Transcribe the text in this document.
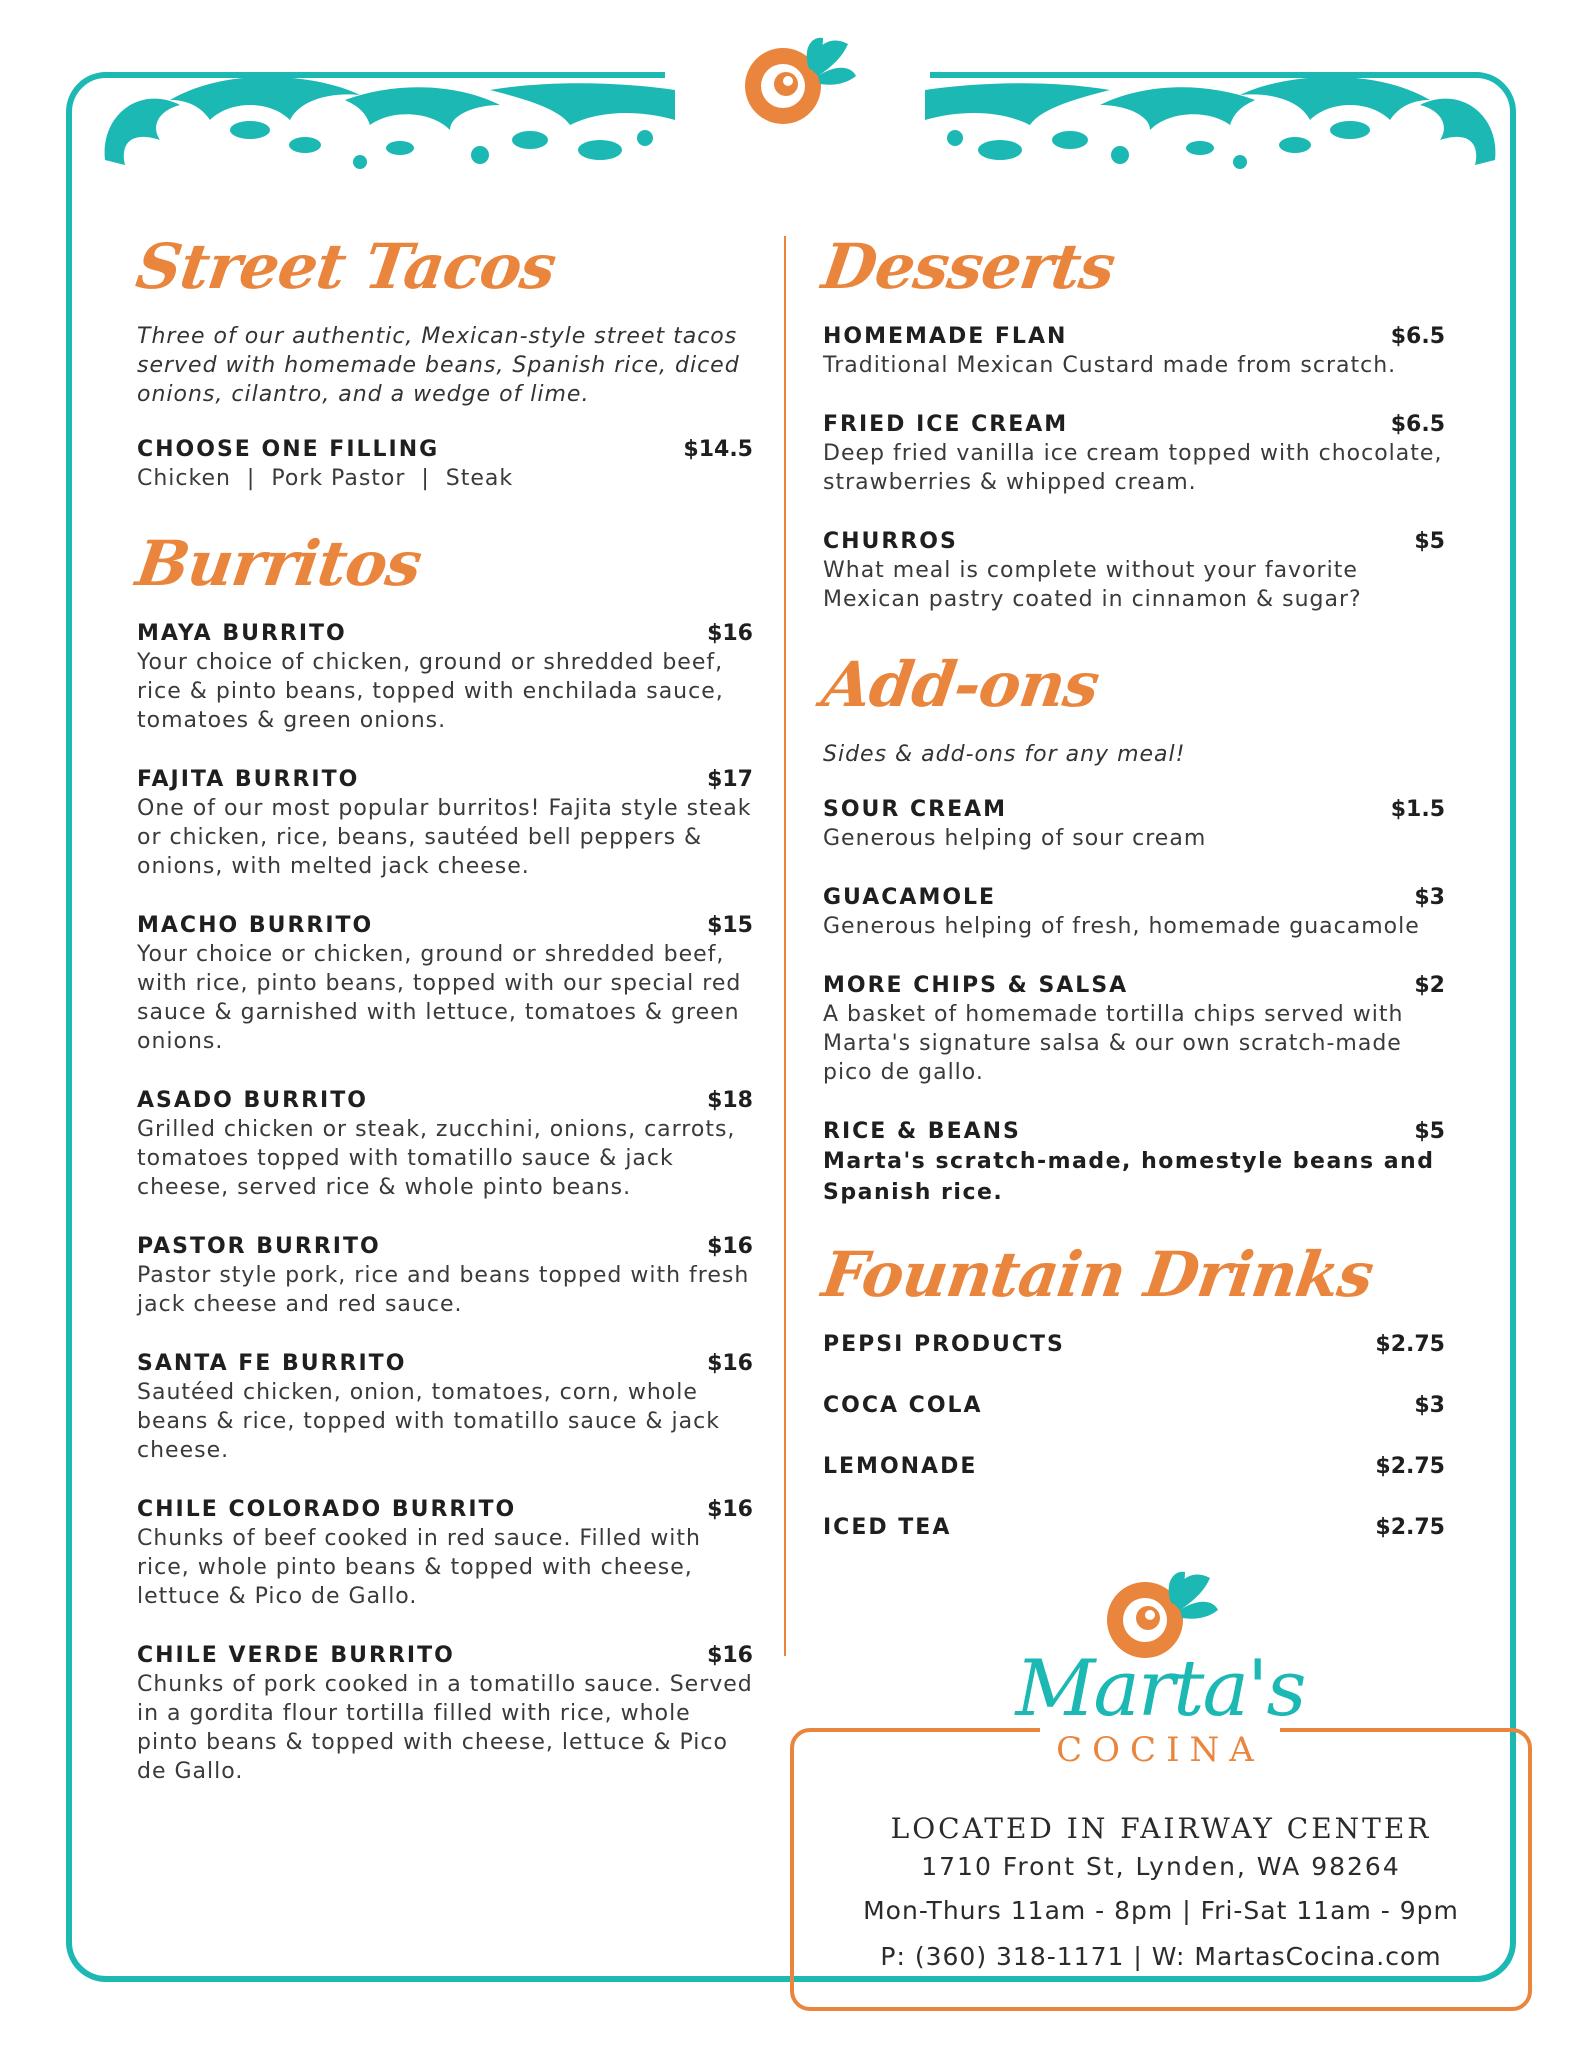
Street Tacos

Three of our authentic, Mexican-style street tacos served with homemade beans, Spanish rice, diced onions, cilantro, and a wedge of lime.

CHOOSE ONE FILLING	$14.5
Chicken  |  Pork Pastor  |  Steak
Burritos
MAYA BURRITO	$16
Your choice of chicken, ground or shredded beef, rice & pinto beans, topped with enchilada sauce, tomatoes & green onions.
FAJITA BURRITO	$17
One of our most popular burritos! Fajita style steak or chicken, rice, beans, sautéed bell peppers & onions, with melted jack cheese.
MACHO BURRITO	$15
Your choice or chicken, ground or shredded beef, with rice, pinto beans, topped with our special red sauce & garnished with lettuce, tomatoes & green onions.
ASADO BURRITO	$18
Grilled chicken or steak, zucchini, onions, carrots, tomatoes topped with tomatillo sauce & jack cheese, served rice & whole pinto beans.
PASTOR BURRITO	$16
Pastor style pork, rice and beans topped with fresh jack cheese and red sauce.
SANTA FE BURRITO	$16
Sautéed chicken, onion, tomatoes, corn, whole beans & rice, topped with tomatillo sauce & jack cheese.
CHILE COLORADO BURRITO	$16
Chunks of beef cooked in red sauce. Filled with rice, whole pinto beans & topped with cheese, lettuce & Pico de Gallo.
CHILE VERDE BURRITO	$16
Chunks of pork cooked in a tomatillo sauce. Served in a gordita flour tortilla filled with rice, whole pinto beans & topped with cheese, lettuce & Pico de Gallo.
Desserts
HOMEMADE FLAN	$6.5
Traditional Mexican Custard made from scratch.
FRIED ICE CREAM	$6.5
Deep fried vanilla ice cream topped with chocolate, strawberries & whipped cream.
CHURROS	$5
What meal is complete without your favorite Mexican pastry coated in cinnamon & sugar?
Add-ons

Sides & add-ons for any meal!

SOUR CREAM	$1.5
Generous helping of sour cream
GUACAMOLE	$3
Generous helping of fresh, homemade guacamole
MORE CHIPS & SALSA	$2
A basket of homemade tortilla chips served with Marta's signature salsa & our own scratch-made pico de gallo.
RICE & BEANS	$5
Marta's scratch-made, homestyle beans and Spanish rice.
Fountain Drinks
PEPSI PRODUCTS	$2.75
COCA COLA	$3
LEMONADE	$2.75
ICED TEA	$2.75
Marta's
COCINA
LOCATED IN FAIRWAY CENTER
1710 Front St, Lynden, WA 98264
Mon-Thurs 11am - 8pm | Fri-Sat 11am - 9pm
P: (360) 318-1171 | W: MartasCocina.com
